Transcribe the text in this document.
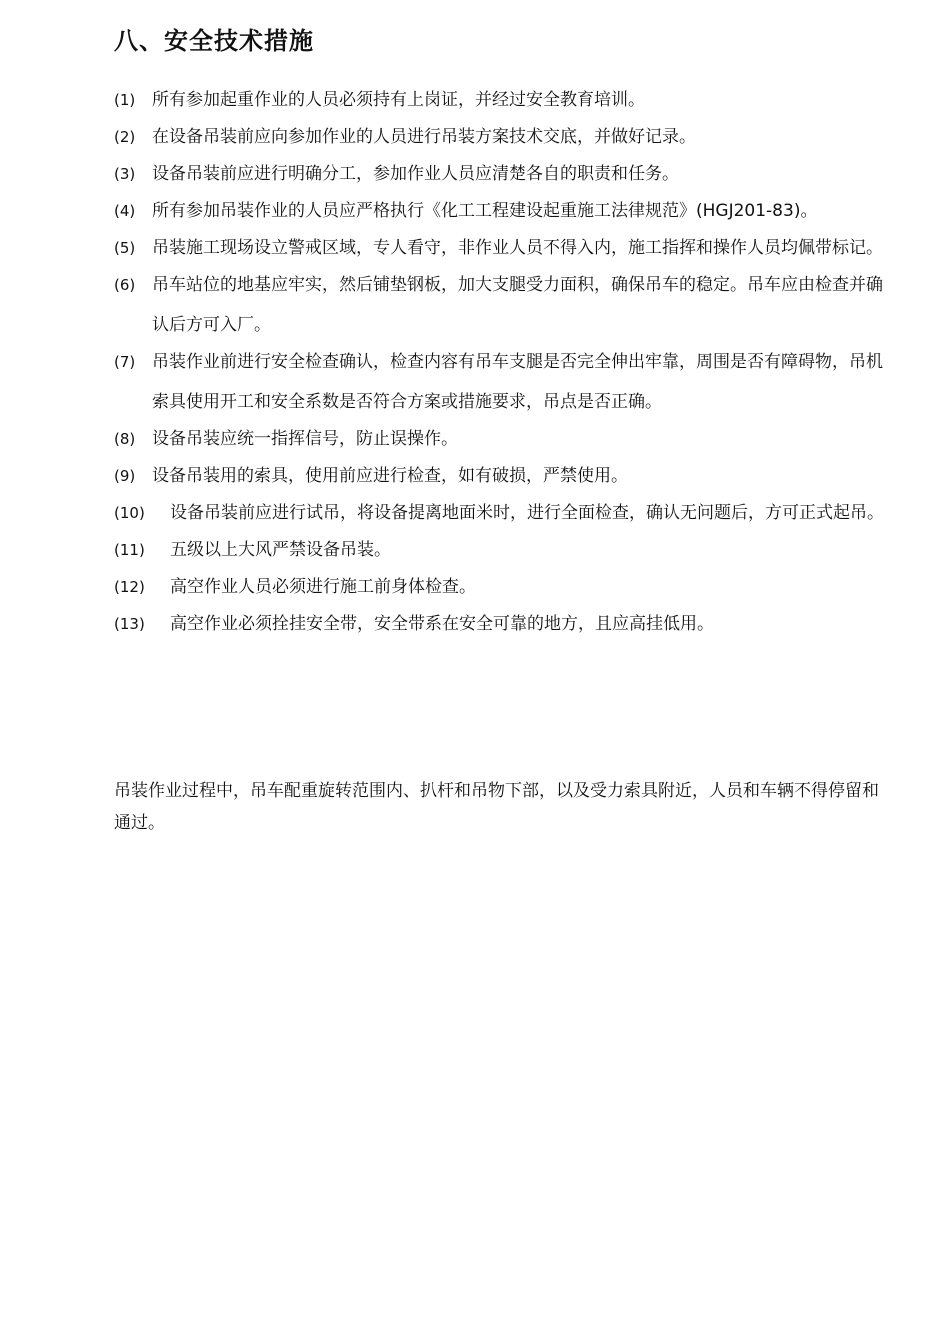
八、安全技术措施
(1) 所有参加起重作业的人员必须持有上岗证，并经过安全教育培训。
(2) 在设备吊装前应向参加作业的人员进行吊装方案技术交底，并做好记录。
(3) 设备吊装前应进行明确分工，参加作业人员应清楚各自的职责和任务。
(4) 所有参加吊装作业的人员应严格执行《化工工程建设起重施工法律规范》(HGJ201-83)。
(5) 吊装施工现场设立警戒区域，专人看守，非作业人员不得入内，施工指挥和操作人员均佩带标记。
(6) 吊车站位的地基应牢实，然后铺垫钢板，加大支腿受力面积，确保吊车的稳定。吊车应由检查并确认后方可入厂。
(7) 吊装作业前进行安全检查确认，检查内容有吊车支腿是否完全伸出牢靠，周围是否有障碍物，吊机索具使用开工和安全系数是否符合方案或措施要求，吊点是否正确。
(8) 设备吊装应统一指挥信号，防止误操作。
(9) 设备吊装用的索具，使用前应进行检查，如有破损，严禁使用。
(10) 设备吊装前应进行试吊，将设备提离地面米时，进行全面检查，确认无问题后，方可正式起吊。
(11) 五级以上大风严禁设备吊装。
(12) 高空作业人员必须进行施工前身体检查。
(13) 高空作业必须拴挂安全带，安全带系在安全可靠的地方，且应高挂低用。

吊装作业过程中，吊车配重旋转范围内、扒杆和吊物下部，以及受力索具附近，人员和车辆不得停留和通过。
